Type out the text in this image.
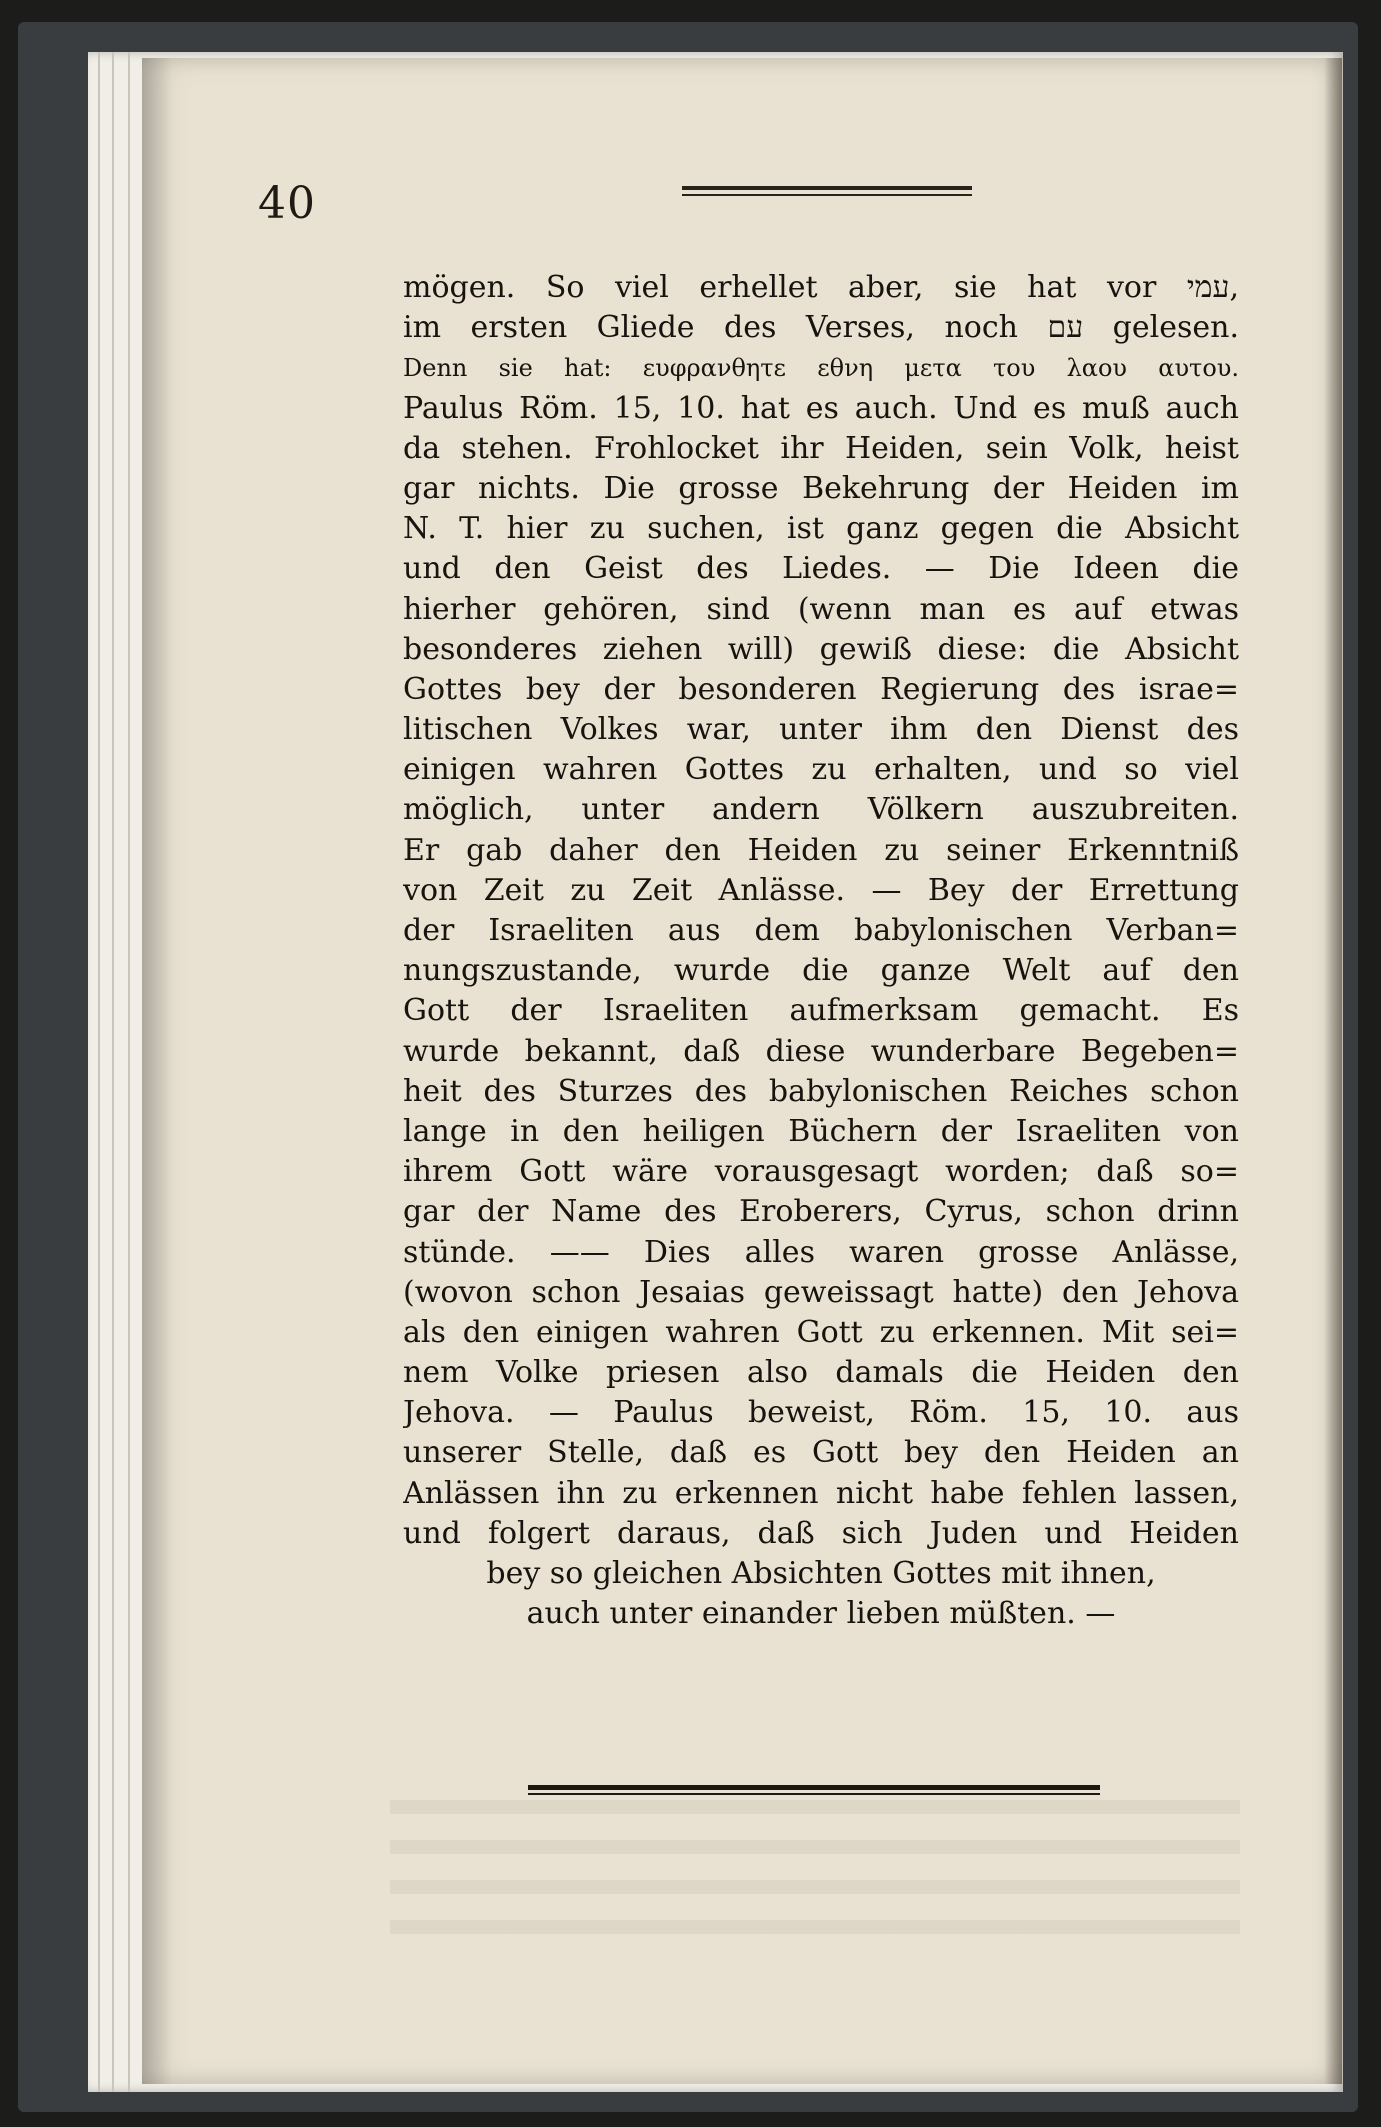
40
mögen. So viel erhellet aber, sie hat vor עמי,
im ersten Gliede des Verses, noch עם gelesen.
Denn sie hat: ευφρανθητε εθνη μετα του λαου αυτου.
Paulus Röm. 15, 10. hat es auch. Und es muß auch
da stehen. Frohlocket ihr Heiden, sein Volk, heist
gar nichts. Die grosse Bekehrung der Heiden im
N. T. hier zu suchen, ist ganz gegen die Absicht
und den Geist des Liedes. — Die Ideen die
hierher gehören, sind (wenn man es auf etwas
besonderes ziehen will) gewiß diese: die Absicht
Gottes bey der besonderen Regierung des israe=
litischen Volkes war, unter ihm den Dienst des
einigen wahren Gottes zu erhalten, und so viel
möglich, unter andern Völkern auszubreiten.
Er gab daher den Heiden zu seiner Erkenntniß
von Zeit zu Zeit Anlässe. — Bey der Errettung
der Israeliten aus dem babylonischen Verban=
nungszustande, wurde die ganze Welt auf den
Gott der Israeliten aufmerksam gemacht. Es
wurde bekannt, daß diese wunderbare Begeben=
heit des Sturzes des babylonischen Reiches schon
lange in den heiligen Büchern der Israeliten von
ihrem Gott wäre vorausgesagt worden; daß so=
gar der Name des Eroberers, Cyrus, schon drinn
stünde. —— Dies alles waren grosse Anlässe,
(wovon schon Jesaias geweissagt hatte) den Jehova
als den einigen wahren Gott zu erkennen. Mit sei=
nem Volke priesen also damals die Heiden den
Jehova. — Paulus beweist, Röm. 15, 10. aus
unserer Stelle, daß es Gott bey den Heiden an
Anlässen ihn zu erkennen nicht habe fehlen lassen,
und folgert daraus, daß sich Juden und Heiden
bey so gleichen Absichten Gottes mit ihnen,
auch unter einander lieben müßten. —
